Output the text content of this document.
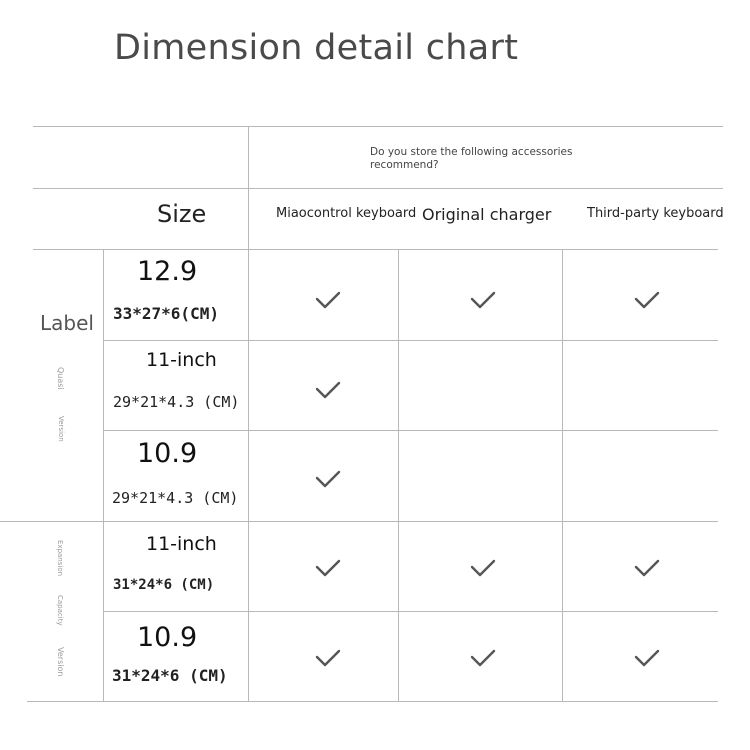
Dimension detail chart
Do you store the following accessories recommend?
Size	Miaocontrol keyboard Original charger	Third-party keyboard
Label
Quasi
Version
Expansion
Capacity
Version
12.9
33*27*6(CM)
11-inch
29*21*4.3 (CM)
10.9
29*21*4.3 (CM)
11-inch
31*24*6 (CM)
10.9
31*24*6 (CM)
